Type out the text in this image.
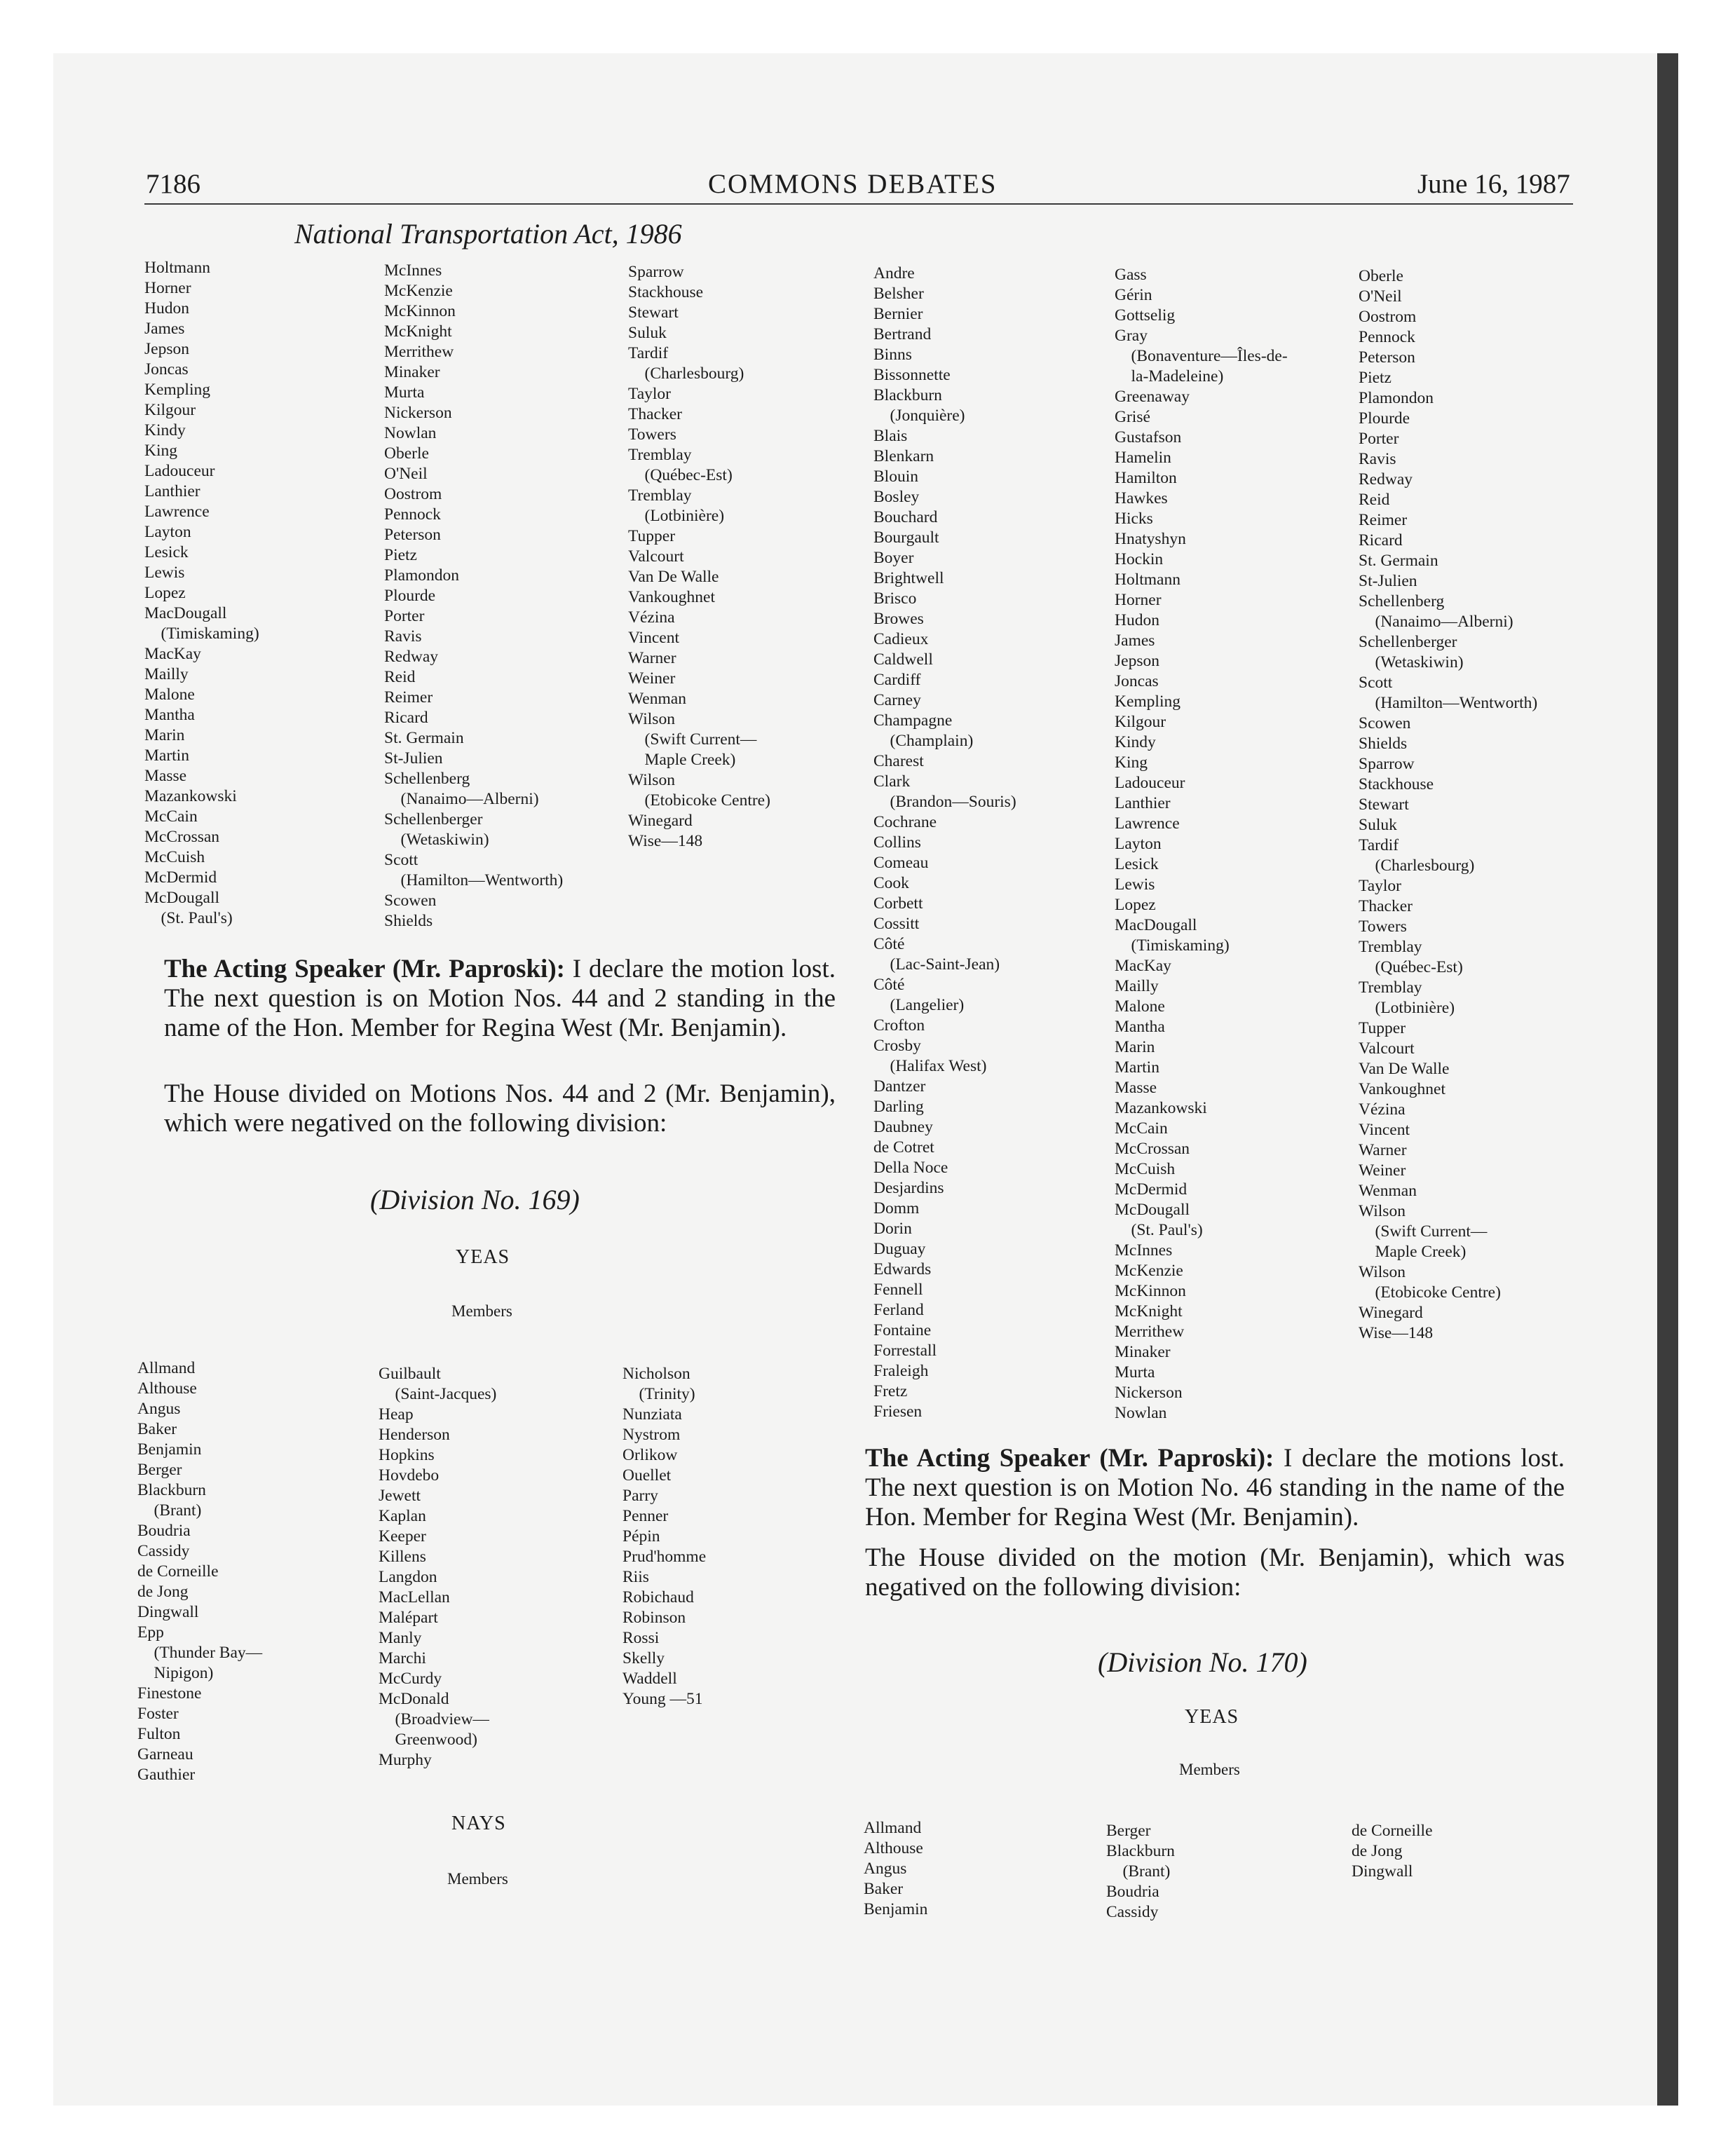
7186	COMMONS DEBATES	June 16, 1987
National Transportation Act, 1986
Holtmann
Horner
Hudon
James
Jepson
Joncas
Kempling
Kilgour
Kindy
King
Ladouceur
Lanthier
Lawrence
Layton
Lesick
Lewis
Lopez
MacDougall
(Timiskaming)
MacKay
Mailly
Malone
Mantha
Marin
Martin
Masse
Mazankowski
McCain
McCrossan
McCuish
McDermid
McDougall
(St. Paul's)
McInnes
McKenzie
McKinnon
McKnight
Merrithew
Minaker
Murta
Nickerson
Nowlan
Oberle
O'Neil
Oostrom
Pennock
Peterson
Pietz
Plamondon
Plourde
Porter
Ravis
Redway
Reid
Reimer
Ricard
St. Germain
St-Julien
Schellenberg
(Nanaimo—Alberni)
Schellenberger
(Wetaskiwin)
Scott
(Hamilton—Wentworth)
Scowen
Shields
Sparrow
Stackhouse
Stewart
Suluk
Tardif
(Charlesbourg)
Taylor
Thacker
Towers
Tremblay
(Québec-Est)
Tremblay
(Lotbinière)
Tupper
Valcourt
Van De Walle
Vankoughnet
Vézina
Vincent
Warner
Weiner
Wenman
Wilson
(Swift Current—
Maple Creek)
Wilson
(Etobicoke Centre)
Winegard
Wise—148
The Acting Speaker (Mr. Paproski): I declare the motion lost. The next question is on Motion Nos. 44 and 2 standing in the name of the Hon. Member for Regina West (Mr. Benjamin).
The House divided on Motions Nos. 44 and 2 (Mr. Benjamin), which were negatived on the following division:
(Division No. 169)
YEAS
Members
Allmand
Althouse
Angus
Baker
Benjamin
Berger
Blackburn
(Brant)
Boudria
Cassidy
de Corneille
de Jong
Dingwall
Epp
(Thunder Bay—
Nipigon)
Finestone
Foster
Fulton
Garneau
Gauthier
Guilbault
(Saint-Jacques)
Heap
Henderson
Hopkins
Hovdebo
Jewett
Kaplan
Keeper
Killens
Langdon
MacLellan
Malépart
Manly
Marchi
McCurdy
McDonald
(Broadview—
Greenwood)
Murphy
Nicholson
(Trinity)
Nunziata
Nystrom
Orlikow
Ouellet
Parry
Penner
Pépin
Prud'homme
Riis
Robichaud
Robinson
Rossi
Skelly
Waddell
Young —51
NAYS
Members
Andre
Belsher
Bernier
Bertrand
Binns
Bissonnette
Blackburn
(Jonquière)
Blais
Blenkarn
Blouin
Bosley
Bouchard
Bourgault
Boyer
Brightwell
Brisco
Browes
Cadieux
Caldwell
Cardiff
Carney
Champagne
(Champlain)
Charest
Clark
(Brandon—Souris)
Cochrane
Collins
Comeau
Cook
Corbett
Cossitt
Côté
(Lac-Saint-Jean)
Côté
(Langelier)
Crofton
Crosby
(Halifax West)
Dantzer
Darling
Daubney
de Cotret
Della Noce
Desjardins
Domm
Dorin
Duguay
Edwards
Fennell
Ferland
Fontaine
Forrestall
Fraleigh
Fretz
Friesen
Gass
Gérin
Gottselig
Gray
(Bonaventure—Îles-de-
la-Madeleine)
Greenaway
Grisé
Gustafson
Hamelin
Hamilton
Hawkes
Hicks
Hnatyshyn
Hockin
Holtmann
Horner
Hudon
James
Jepson
Joncas
Kempling
Kilgour
Kindy
King
Ladouceur
Lanthier
Lawrence
Layton
Lesick
Lewis
Lopez
MacDougall
(Timiskaming)
MacKay
Mailly
Malone
Mantha
Marin
Martin
Masse
Mazankowski
McCain
McCrossan
McCuish
McDermid
McDougall
(St. Paul's)
McInnes
McKenzie
McKinnon
McKnight
Merrithew
Minaker
Murta
Nickerson
Nowlan
Oberle
O'Neil
Oostrom
Pennock
Peterson
Pietz
Plamondon
Plourde
Porter
Ravis
Redway
Reid
Reimer
Ricard
St. Germain
St-Julien
Schellenberg
(Nanaimo—Alberni)
Schellenberger
(Wetaskiwin)
Scott
(Hamilton—Wentworth)
Scowen
Shields
Sparrow
Stackhouse
Stewart
Suluk
Tardif
(Charlesbourg)
Taylor
Thacker
Towers
Tremblay
(Québec-Est)
Tremblay
(Lotbinière)
Tupper
Valcourt
Van De Walle
Vankoughnet
Vézina
Vincent
Warner
Weiner
Wenman
Wilson
(Swift Current—
Maple Creek)
Wilson
(Etobicoke Centre)
Winegard
Wise—148
The Acting Speaker (Mr. Paproski): I declare the motions lost. The next question is on Motion No. 46 standing in the name of the Hon. Member for Regina West (Mr. Benjamin).
The House divided on the motion (Mr. Benjamin), which was negatived on the following division:
(Division No. 170)
YEAS
Members
Allmand
Althouse
Angus
Baker
Benjamin
Berger
Blackburn
(Brant)
Boudria
Cassidy
de Corneille
de Jong
Dingwall
